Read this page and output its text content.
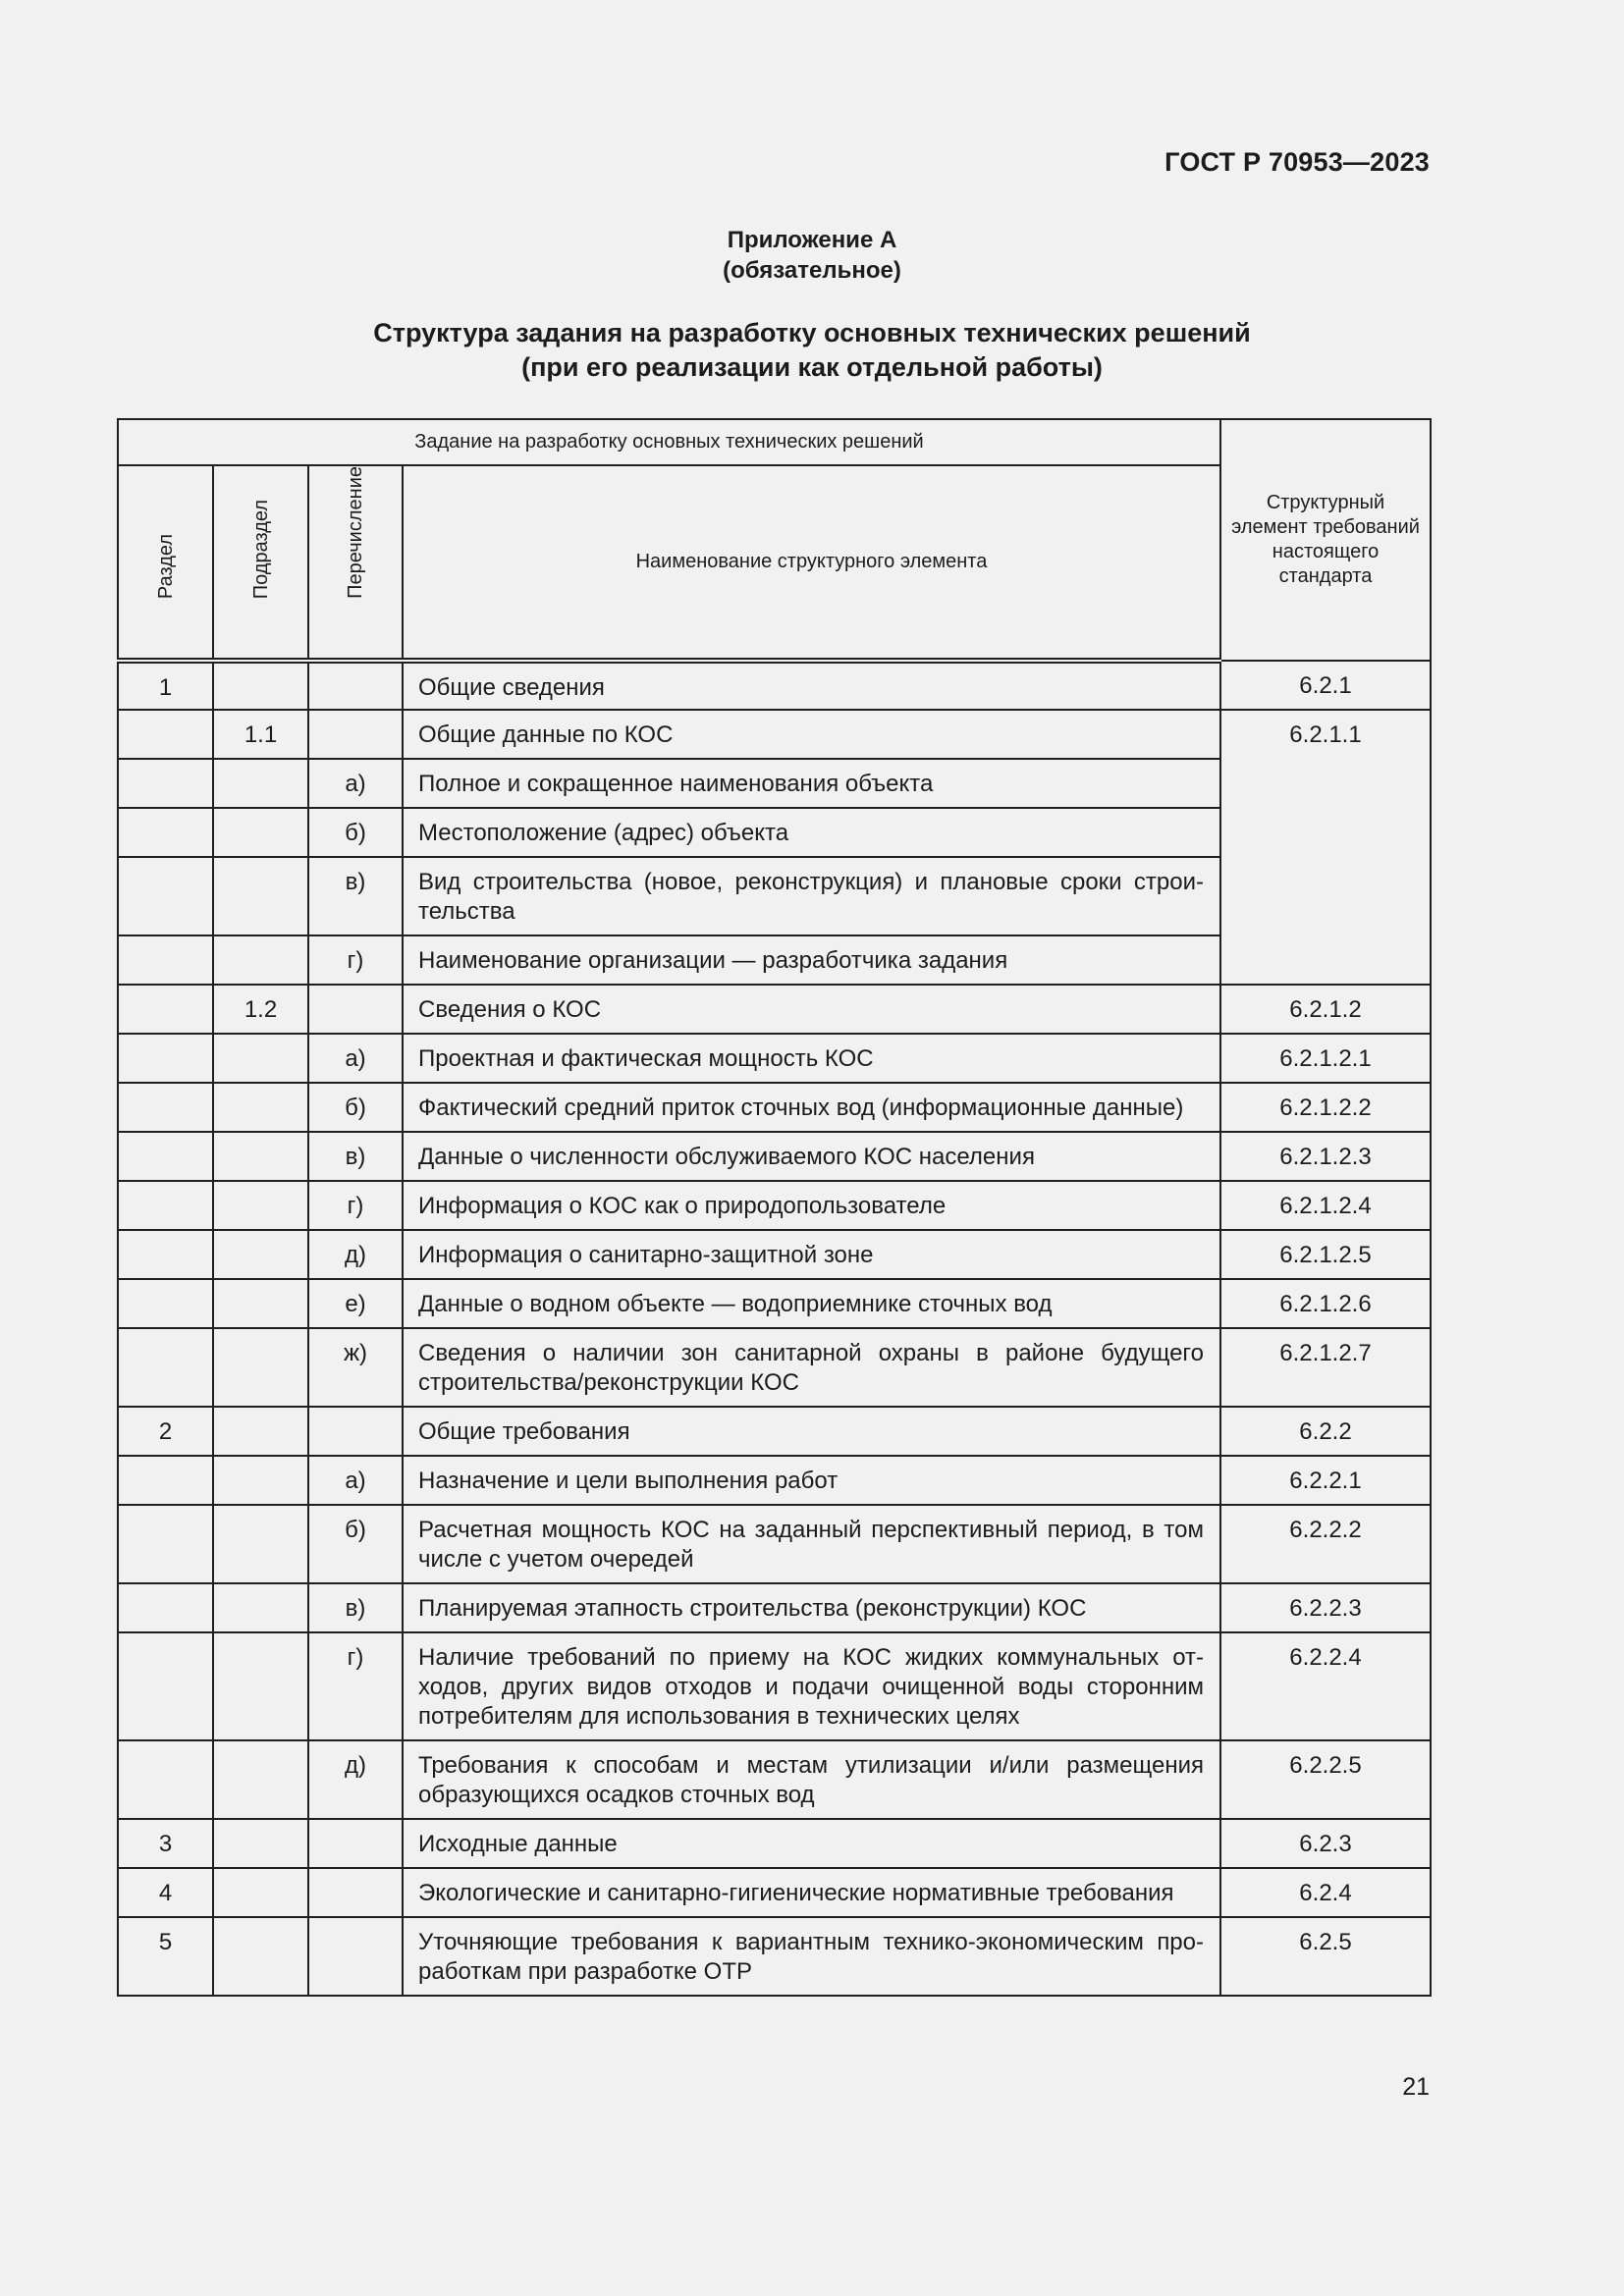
ГОСТ Р 70953—2023
Приложение А
(обязательное)
Структура задания на разработку основных технических решений
(при его реализации как отдельной работы)
Задание на разработку основных технических решений				Структурный элемент требований настоящего стандарта
Раздел	Подраздел	Перечисление	Наименование структурного элемента	
1			Общие сведения	6.2.1
	1.1		Общие данные по КОС	6.2.1.1
		а)	Полное и сокращенное наименования объекта	
		б)	Местоположение (адрес) объекта	
		в)	Вид строительства (новое, реконструкция) и плановые сроки строи-тельства	
		г)	Наименование организации — разработчика задания	
	1.2		Сведения о КОС	6.2.1.2
		а)	Проектная и фактическая мощность КОС	6.2.1.2.1
		б)	Фактический средний приток сточных вод (информационные данные)	6.2.1.2.2
		в)	Данные о численности обслуживаемого КОС населения	6.2.1.2.3
		г)	Информация о КОС как о природопользователе	6.2.1.2.4
		д)	Информация о санитарно-защитной зоне	6.2.1.2.5
		е)	Данные о водном объекте — водоприемнике сточных вод	6.2.1.2.6
		ж)	Сведения о наличии зон санитарной охраны в районе будущего строительства/реконструкции КОС	6.2.1.2.7
2			Общие требования	6.2.2
		а)	Назначение и цели выполнения работ	6.2.2.1
		б)	Расчетная мощность КОС на заданный перспективный период, в том числе с учетом очередей	6.2.2.2
		в)	Планируемая этапность строительства (реконструкции) КОС	6.2.2.3
		г)	Наличие требований по приему на КОС жидких коммунальных от-ходов, других видов отходов и подачи очищенной воды сторонним потребителям для использования в технических целях	6.2.2.4
		д)	Требования к способам и местам утилизации и/или размещения образующихся осадков сточных вод	6.2.2.5
3			Исходные данные	6.2.3
4			Экологические и санитарно-гигиенические нормативные требования	6.2.4
5			Уточняющие требования к вариантным технико-экономическим про-работкам при разработке ОТР	6.2.5
21
